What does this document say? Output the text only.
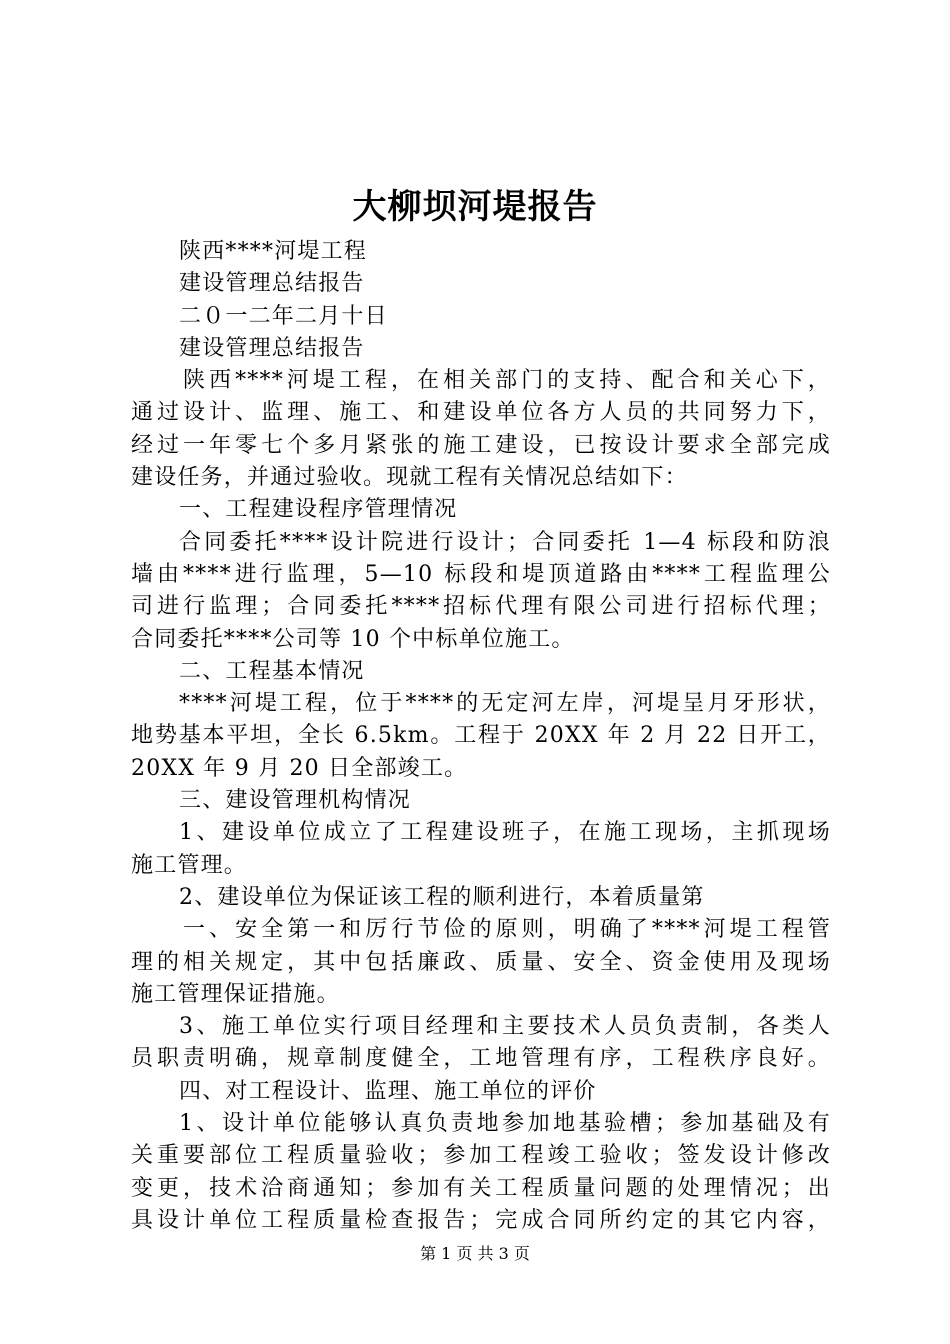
大柳坝河堤报告
陕西****河堤工程
建设管理总结报告
二０一二年二月十日
建设管理总结报告
陕西****河堤工程，在相关部门的支持、配合和关心下，
通过设计、监理、施工、和建设单位各方人员的共同努力下，
经过一年零七个多月紧张的施工建设，已按设计要求全部完成
建设任务，并通过验收。现就工程有关情况总结如下：
一、工程建设程序管理情况
合同委托****设计院进行设计；合同委托 1—4 标段和防浪
墙由****进行监理，5—10 标段和堤顶道路由****工程监理公
司进行监理；合同委托****招标代理有限公司进行招标代理；
合同委托****公司等 10 个中标单位施工。
二、工程基本情况
****河堤工程，位于****的无定河左岸，河堤呈月牙形状，
地势基本平坦，全长 6.5km。工程于 20XX 年 2 月 22 日开工，
20XX 年 9 月 20 日全部竣工。
三、建设管理机构情况
1、建设单位成立了工程建设班子，在施工现场，主抓现场
施工管理。
2、建设单位为保证该工程的顺利进行，本着质量第
一、安全第一和厉行节俭的原则，明确了****河堤工程管
理的相关规定，其中包括廉政、质量、安全、资金使用及现场
施工管理保证措施。
3、施工单位实行项目经理和主要技术人员负责制，各类人
员职责明确，规章制度健全，工地管理有序，工程秩序良好。
四、对工程设计、监理、施工单位的评价
1、设计单位能够认真负责地参加地基验槽；参加基础及有
关重要部位工程质量验收；参加工程竣工验收；签发设计修改
变更，技术洽商通知；参加有关工程质量问题的处理情况；出
具设计单位工程质量检查报告；完成合同所约定的其它内容，
第 1 页 共 3 页
